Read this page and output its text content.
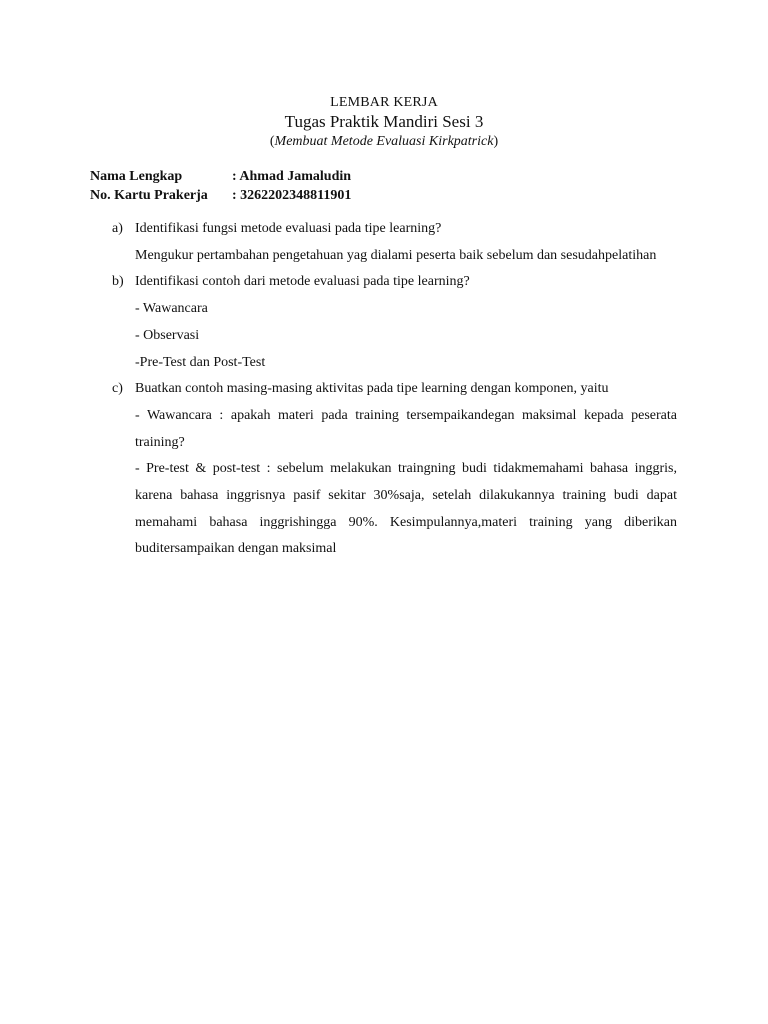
LEMBAR KERJA
Tugas Praktik Mandiri Sesi 3
(Membuat Metode Evaluasi Kirkpatrick)
Nama Lengkap	: Ahmad Jamaludin
No. Kartu Prakerja	: 3262202348811901
a) Identifikasi fungsi metode evaluasi pada tipe learning?
Mengukur pertambahan pengetahuan yag dialami peserta baik sebelum dan sesudahpelatihan
b) Identifikasi contoh dari metode evaluasi pada tipe learning?
- Wawancara
- Observasi
-Pre-Test dan Post-Test
c) Buatkan contoh masing-masing aktivitas pada tipe learning dengan komponen, yaitu
- Wawancara : apakah materi pada training tersempaikandegan maksimal kepada peserata training?
- Pre-test & post-test : sebelum melakukan traingning budi tidakmemahami bahasa inggris, karena bahasa inggrisnya pasif sekitar 30%saja, setelah dilakukannya training budi dapat memahami bahasa inggrishingga 90%. Kesimpulannya,materi training yang diberikan buditersampaikan dengan maksimal
